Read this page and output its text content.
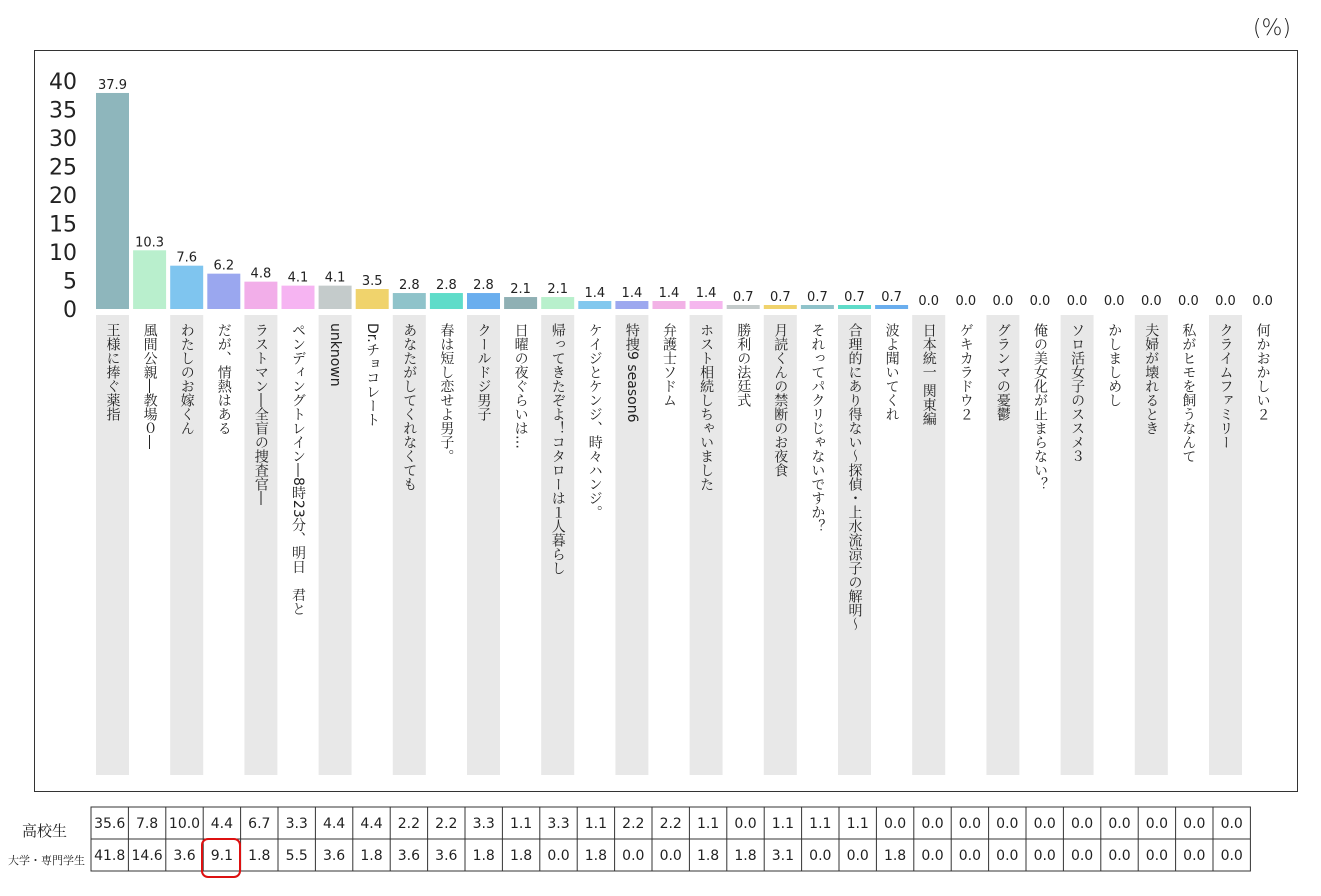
(%)
0
5
10
15
20
25
30
35
40 37.9
王様に捧ぐ薬指
10.3
風間公親―教場０―
7.6
わたしのお嫁くん
6.2
だが、情熱はある
4.8
ラストマン―全盲の捜査官―
4.1
ペンディングトレイン―8時23分、明日　君と
4.1
unknown
3.5
Dr.チョコレート
2.8
あなたがしてくれなくても
2.8
春は短し恋せよ男子。
2.8
クールドジ男子
2.1
日曜の夜ぐらいは…
2.1
帰ってきたぞよ！コタローは１人暮らし
1.4
ケイジとケンジ、時々ハンジ。
1.4
特捜9 season6
1.4
弁護士ソドム
1.4
ホスト相続しちゃいました
0.7
勝利の法廷式
0.7
月読くんの禁断のお夜食
0.7
それってパクリじゃないですか？
0.7
合理的にあり得ない～探偵・上水流涼子の解明～
0.7
波よ聞いてくれ
0.0
日本統一 関東編
0.0
ゲキカラドウ２
0.0
グランマの憂鬱
0.0
俺の美女化が止まらない？
0.0
ソロ活女子のススメ３
0.0
かしましめし
0.0
夫婦が壊れるとき
0.0
私がヒモを飼うなんて
0.0
クライムファミリー
0.0
何かおかしい２
高校生
大学・専門学生
35.6 7.8 10.0 4.4 6.7 3.3 4.4 4.4 2.2 2.2 3.3 1.1 3.3 1.1 2.2 2.2 1.1 0.0 1.1 1.1 1.1 0.0 0.0 0.0 0.0 0.0 0.0 0.0 0.0 0.0 0.0
41.8 14.6 3.6 9.1 1.8 5.5 3.6 1.8 3.6 3.6 1.8 1.8 0.0 1.8 0.0 0.0 1.8 1.8 3.1 0.0 0.0 1.8 0.0 0.0 0.0 0.0 0.0 0.0 0.0 0.0 0.0
